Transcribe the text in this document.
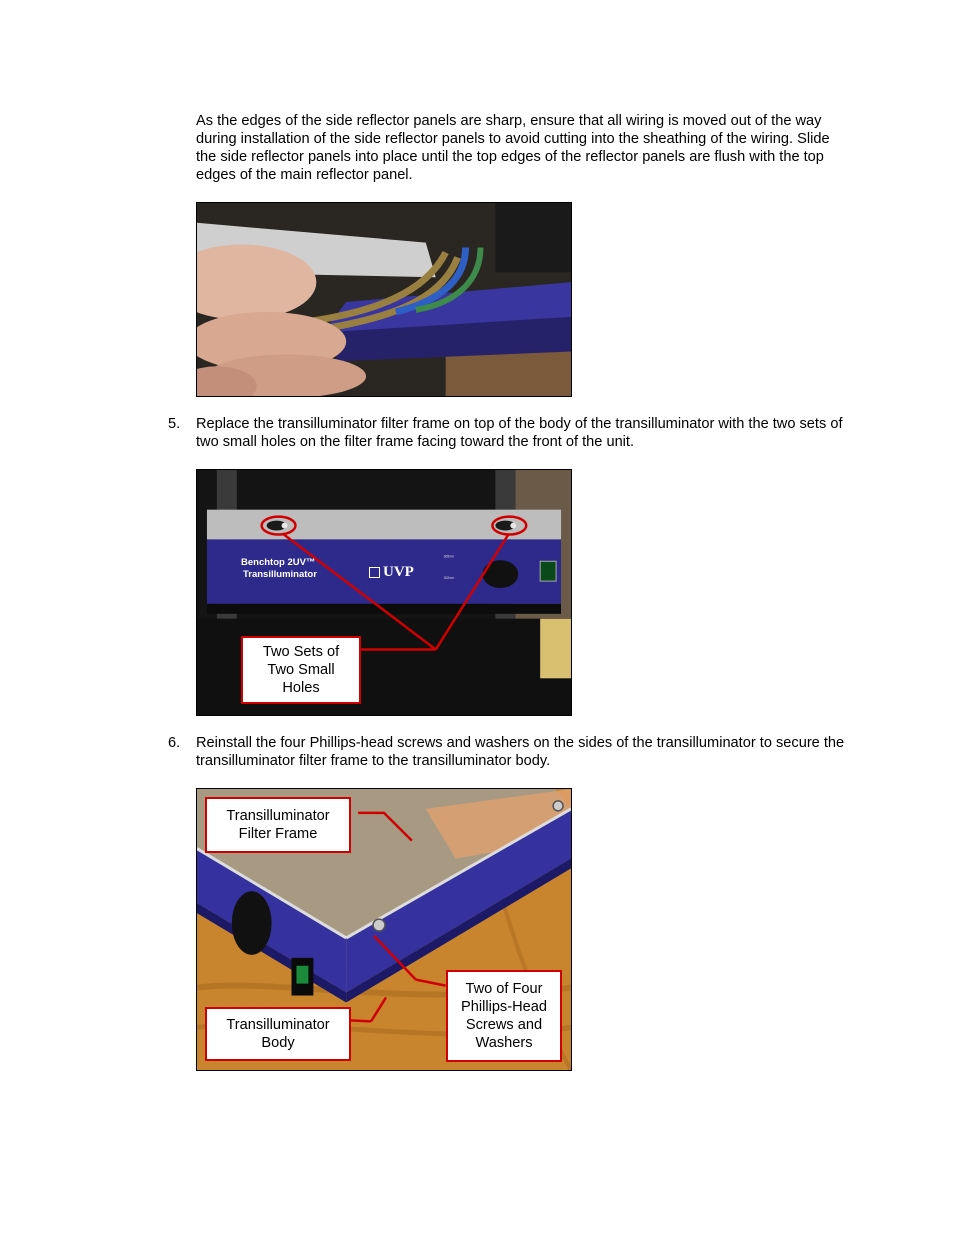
As the edges of the side reflector panels are sharp, ensure that all wiring is moved out of the way during installation of the side reflector panels to avoid cutting into the sheathing of the wiring. Slide the side reflector panels into place until the top edges of the reflector panels are flush with the top edges of the main reflector panel.

5. Replace the transilluminator filter frame on top of the body of the transilluminator with the two sets of two small holes on the filter frame facing toward the front of the unit.

365nm
302nm
Benchtop 2UV™
Transilluminator	UVP
Two Sets of Two Small Holes
6. Reinstall the four Phillips-head screws and washers on the sides of the transilluminator to secure the transilluminator filter frame to the transilluminator body.

Transilluminator Filter Frame
Transilluminator Body
Two of Four Phillips-Head Screws and Washers
